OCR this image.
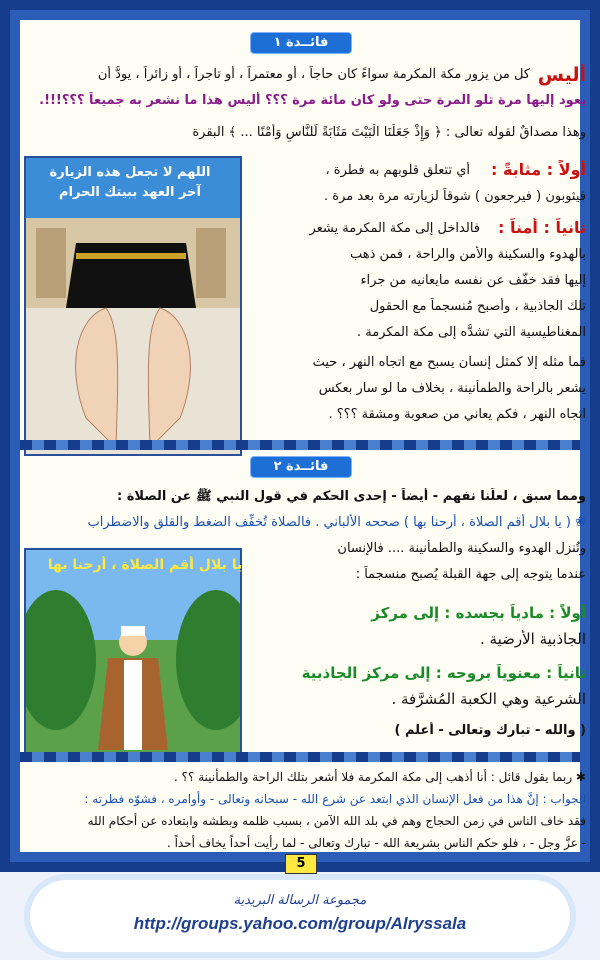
فائــدة ١
أليس
كل من يزور مكة المكرمة سواءً كان حاجاً ، أو معتمراً ، أو تاجراً ، أو زائراً ، يودُّ أن
يعود إليها مرة تلو المرة حتى ولو كان مائة مرة ؟؟؟ أليس هذا ما نشعر به جميعاً ؟؟؟!!!.
وهذا مصداقٌ لقوله تعالى : ﴿ وَإِذْ جَعَلْنَا الْبَيْتَ مَثَابَةً لِّلنَّاسِ وَأَمْنًا ... ﴾ البقرة
اللهم لا تجعل هذه الزيارة
آخر العهد ببيتك الحرام
أولاً : مثابةً :
أي تتعلق قلوبهم به فطرة ،
فيثوبون ( فيرجعون ) شوقاً لزيارته مرة بعد مرة .
ثانياً : أمناً :
فالداخل إلى مكة المكرمة يشعر
بالهدوء والسكينة والأمن والراحة ، فمن ذهب
إليها فقد خفّف عن نفسه مايعانيه من جراء
تلك الجاذبية ، وأصبح مُنسجماً مع الحقول
المغناطيسية التي تشدُّه إلى مكة المكرمة .
فما مثله إلا كمثل إنسان يسبح مع اتجاه النهر ، حيث
يشعر بالراحة والطمأنينة ، بخلاف ما لو سار بعكس
اتجاه النهر ، فكم يعاني من صعوبة ومشقة ؟؟؟ .
فائــدة ٢
ومما سبق ، لعلّنا نفهم - أيضاً - إحدى الحكم في قول النبي ﷺ عن الصلاة :
❀ ( يا بلال أقم الصلاة ، أرحنا بها ) صححه الألباني . فالصلاة تُخفِّف الضغط والقلق والاضطراب
وتُنزل الهدوء والسكينة والطمأنينة .... فالإنسان
عندما يتوجه إلى جهة القبلة يُصبح منسجماً :
يا بلال أقم الصلاة ، أرحنا بها
أولاً : مادياً بجسده : إلى مركز
الجاذبية الأرضية .
ثانياً : معنوياً بروحه : إلى مركز الجاذبية
الشرعية وهي الكعبة المُشرَّفة .
( والله - تبارك وتعالى - أعلم )
✱ ربما يقول قائل : أنا أذهب إلى مكة المكرمة فلا أشعر بتلك الراحة والطمأنينة ؟؟ .
الجواب : إنَّ هذا من فعل الإنسان الذي ابتعد عن شرع الله - سبحانه وتعالى - وأوامره ، فشوّه فطرته :
فقد خاف الناس في زمن الحجاج وهم في بلد الله الآمن ، بسبب ظلمه وبطشه وابتعاده عن أحكام الله
- عزَّ وجل - ، فلو حكم الناس بشريعة الله - تبارك وتعالى - لما رأيت أحداً يخاف أحداً .
5
مجموعة الرسالة البريدية
http://groups.yahoo.com/group/Alryssala
